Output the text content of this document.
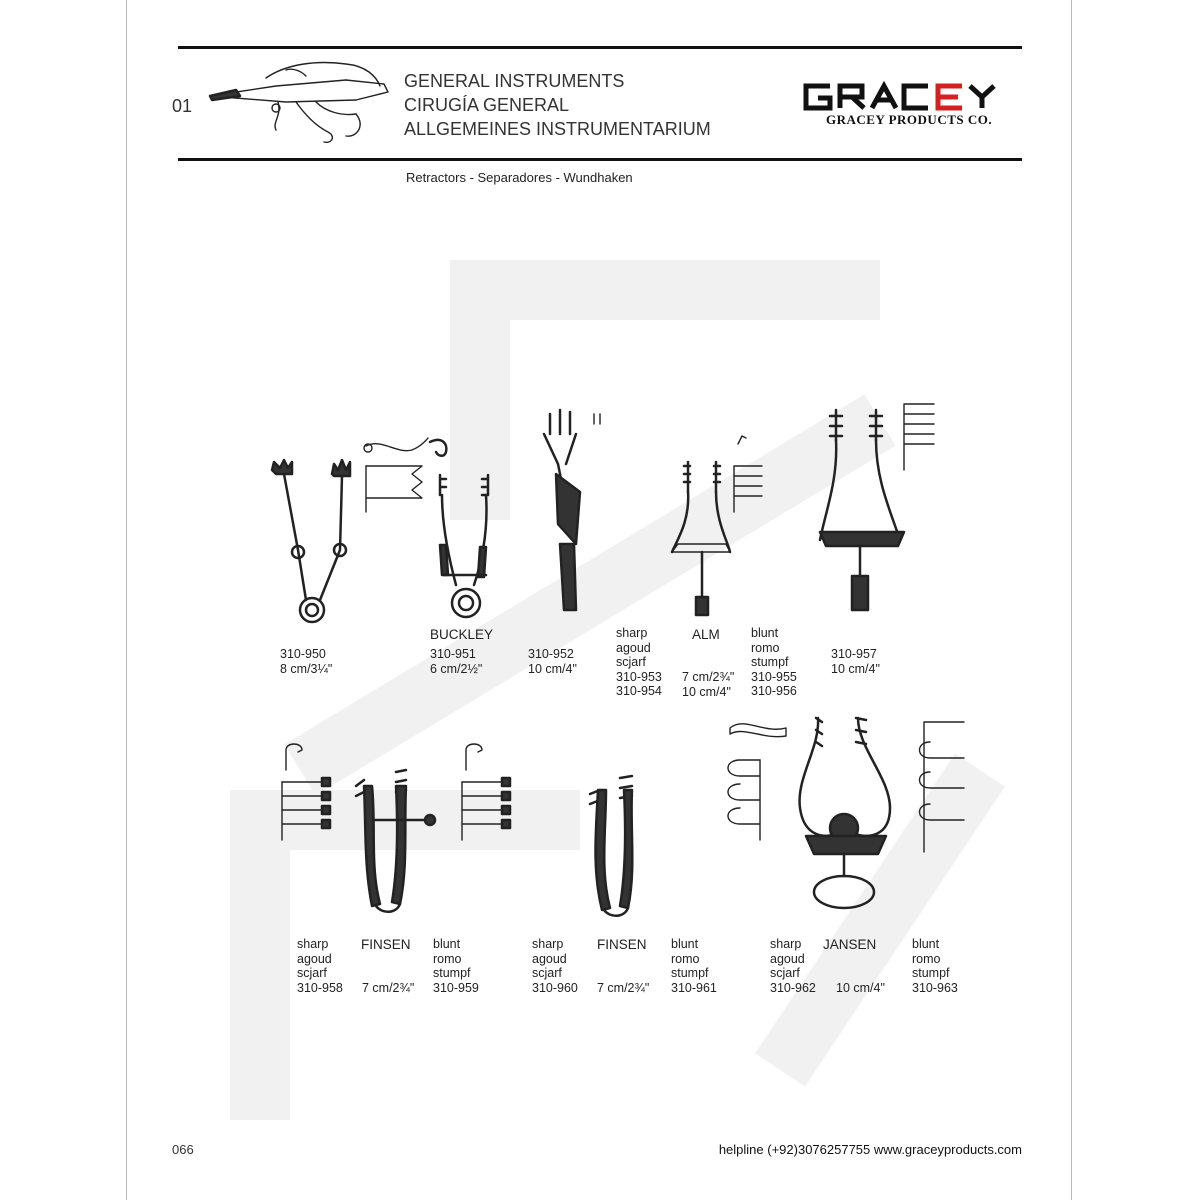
01
GENERAL INSTRUMENTS
CIRUGÍA GENERAL
ALLGEMEINES INSTRUMENTARIUM	GRACEY PRODUCTS CO.
Retractors - Separadores - Wundhaken
310-950
8 cm/3¼"
BUCKLEY
310-951
6 cm/2½"
310-952
10 cm/4"
sharp
agoud
scjarf
310-953
310-954
ALM
7 cm/2¾"
10 cm/4"
blunt
romo
stumpf
310-955
310-956
310-957
10 cm/4"
sharp
agoud
scjarf
310-958
FINSEN
7 cm/2¾"
blunt
romo
stumpf
310-959
sharp
agoud
scjarf
310-960
FINSEN
7 cm/2¾"
blunt
romo
stumpf
310-961
sharp
agoud
scjarf
310-962
JANSEN
10 cm/4"
blunt
romo
stumpf
310-963
066	helpline (+92)3076257755 www.graceyproducts.com
